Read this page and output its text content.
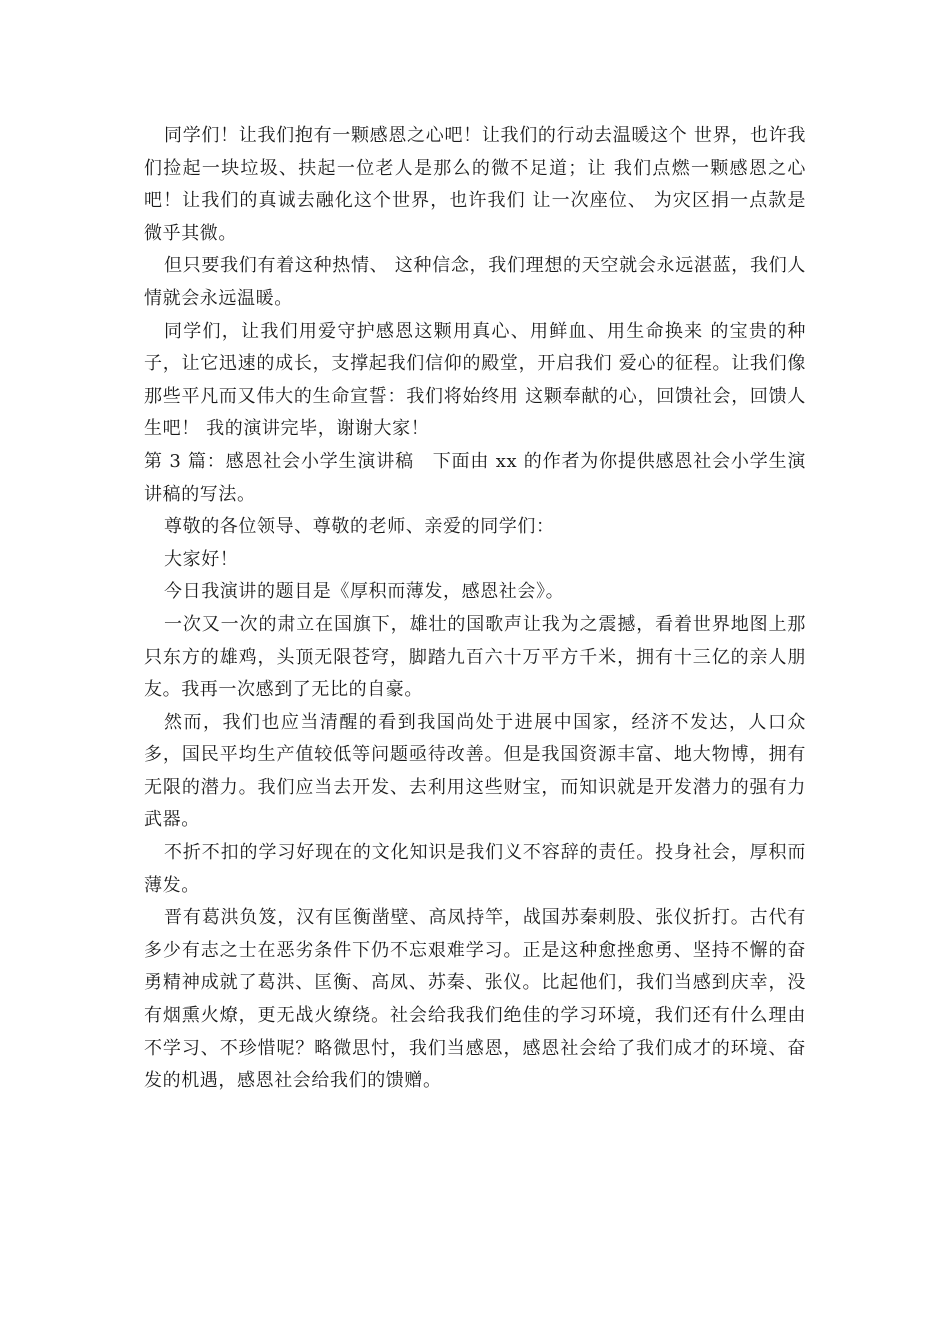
同学们！让我们抱有一颗感恩之心吧！让我们的行动去温暖这个 世界，也许我们捡起一块垃圾、扶起一位老人是那么的微不足道；让 我们点燃一颗感恩之心吧！让我们的真诚去融化这个世界，也许我们 让一次座位、 为灾区捐一点款是微乎其微。

但只要我们有着这种热情、 这种信念，我们理想的天空就会永远湛蓝，我们人情就会永远温暖。

同学们，让我们用爱守护感恩这颗用真心、用鲜血、用生命换来 的宝贵的种子，让它迅速的成长，支撑起我们信仰的殿堂，开启我们 爱心的征程。让我们像那些平凡而又伟大的生命宣誓：我们将始终用 这颗奉献的心，回馈社会，回馈人生吧！ 我的演讲完毕，谢谢大家！

第 3 篇：感恩社会小学生演讲稿　下面由 xx 的作者为你提供感恩社会小学生演讲稿的写法。

尊敬的各位领导、尊敬的老师、亲爱的同学们：

大家好！

今日我演讲的题目是《厚积而薄发，感恩社会》。

一次又一次的肃立在国旗下，雄壮的国歌声让我为之震撼，看着世界地图上那只东方的雄鸡，头顶无限苍穹，脚踏九百六十万平方千米，拥有十三亿的亲人朋友。我再一次感到了无比的自豪。

然而，我们也应当清醒的看到我国尚处于进展中国家，经济不发达，人口众多，国民平均生产值较低等问题亟待改善。但是我国资源丰富、地大物博，拥有无限的潜力。我们应当去开发、去利用这些财宝，而知识就是开发潜力的强有力武器。

不折不扣的学习好现在的文化知识是我们义不容辞的责任。投身社会，厚积而薄发。

晋有葛洪负笈，汉有匡衡凿壁、高凤持竿，战国苏秦刺股、张仪折打。古代有多少有志之士在恶劣条件下仍不忘艰难学习。正是这种愈挫愈勇、坚持不懈的奋勇精神成就了葛洪、匡衡、高凤、苏秦、张仪。比起他们，我们当感到庆幸，没有烟熏火燎，更无战火缭绕。社会给我我们绝佳的学习环境，我们还有什么理由不学习、不珍惜呢？略微思忖，我们当感恩，感恩社会给了我们成才的环境、奋发的机遇，感恩社会给我们的馈赠。
